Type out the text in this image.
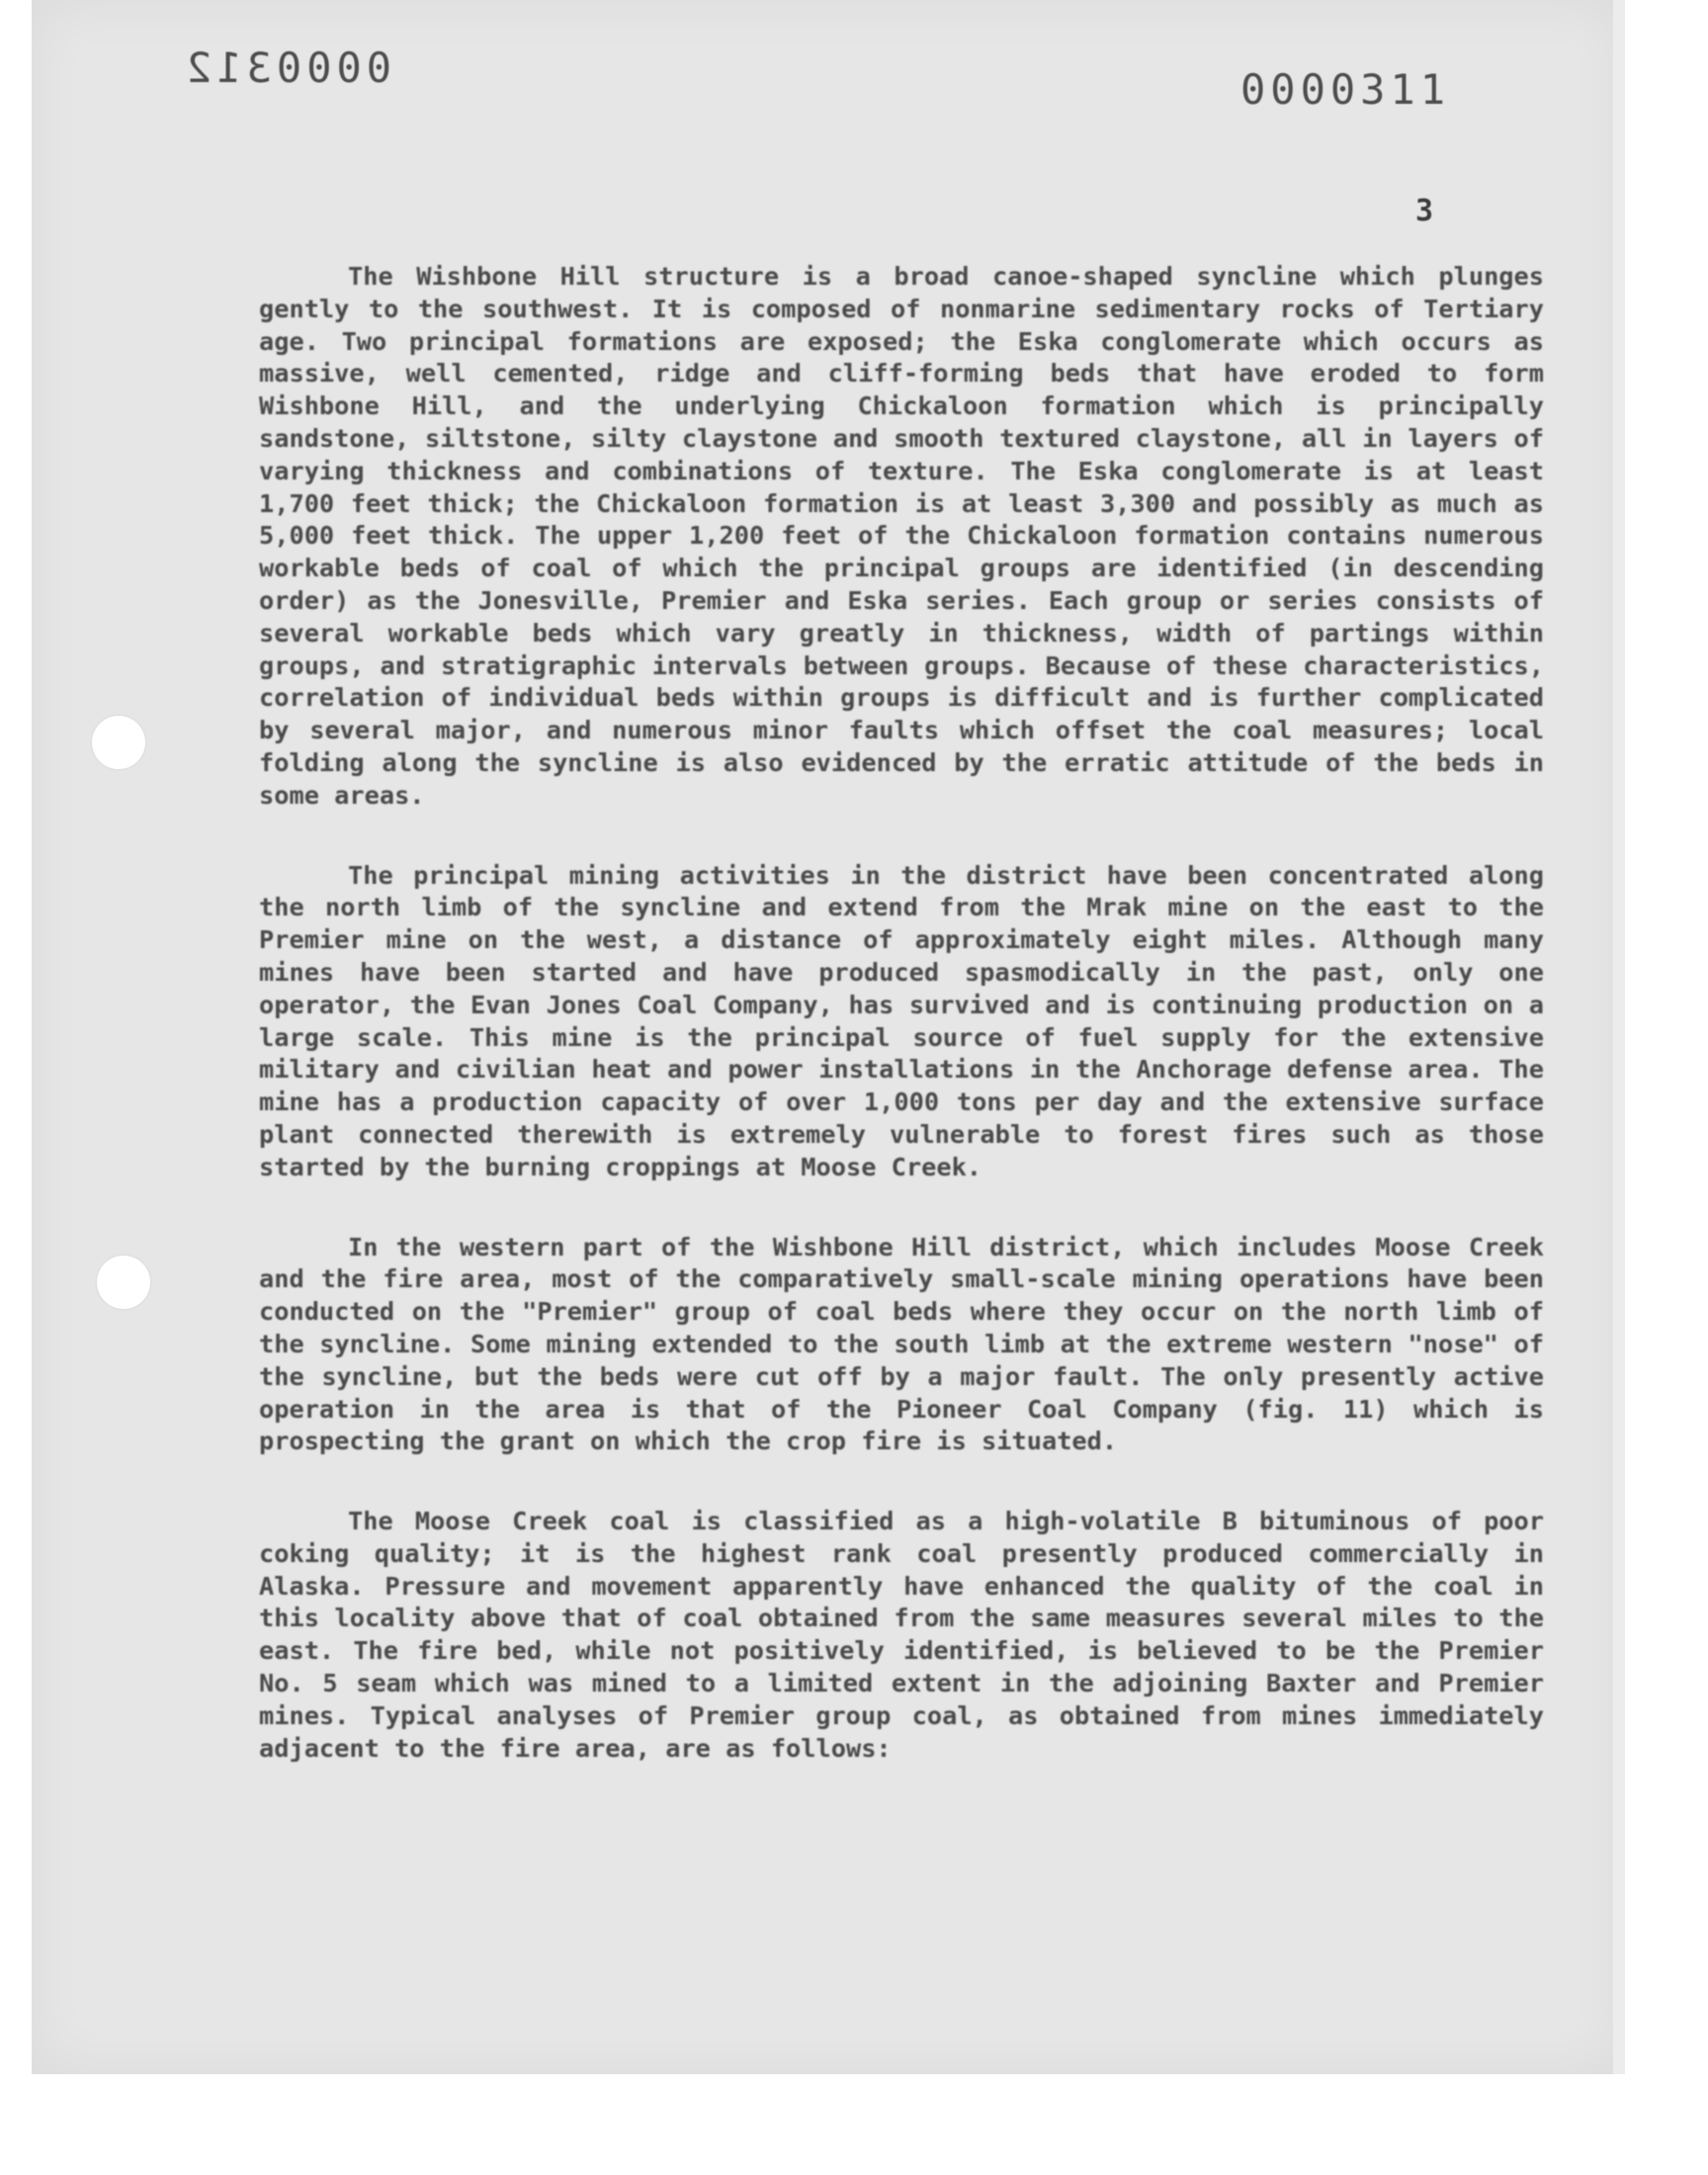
0000312	0000311
3

The Wishbone Hill structure is a broad canoe-shaped syncline which plunges gently to the southwest. It is composed of nonmarine sedimentary rocks of Tertiary age. Two principal formations are exposed; the Eska conglomerate which occurs as massive, well cemented, ridge and cliff-forming beds that have eroded to form Wishbone Hill, and the underlying Chickaloon formation which is principally sandstone, siltstone, silty claystone and smooth textured claystone, all in layers of varying thickness and combinations of texture. The Eska conglomerate is at least 1,700 feet thick; the Chickaloon formation is at least 3,300 and possibly as much as 5,000 feet thick. The upper 1,200 feet of the Chickaloon formation contains numerous workable beds of coal of which the principal groups are identified (in descending order) as the Jonesville, Premier and Eska series. Each group or series consists of several workable beds which vary greatly in thickness, width of partings within groups, and stratigraphic intervals between groups. Because of these characteristics, correlation of individual beds within groups is difficult and is further complicated by several major, and numerous minor faults which offset the coal measures; local folding along the syncline is also evidenced by the erratic attitude of the beds in some areas.

The principal mining activities in the district have been concentrated along the north limb of the syncline and extend from the Mrak mine on the east to the Premier mine on the west, a distance of approximately eight miles. Although many mines have been started and have produced spasmodically in the past, only one operator, the Evan Jones Coal Company, has survived and is continuing production on a large scale. This mine is the principal source of fuel supply for the extensive military and civilian heat and power installations in the Anchorage defense area. The mine has a production capacity of over 1,000 tons per day and the extensive surface plant connected therewith is extremely vulnerable to forest fires such as those started by the burning croppings at Moose Creek.

In the western part of the Wishbone Hill district, which includes Moose Creek and the fire area, most of the comparatively small-scale mining operations have been conducted on the "Premier" group of coal beds where they occur on the north limb of the syncline. Some mining extended to the south limb at the extreme western "nose" of the syncline, but the beds were cut off by a major fault. The only presently active operation in the area is that of the Pioneer Coal Company (fig. 11) which is prospecting the grant on which the crop fire is situated.

The Moose Creek coal is classified as a high-volatile B bituminous of poor coking quality; it is the highest rank coal presently produced commercially in Alaska. Pressure and movement apparently have enhanced the quality of the coal in this locality above that of coal obtained from the same measures several miles to the east. The fire bed, while not positively identified, is believed to be the Premier No. 5 seam which was mined to a limited extent in the adjoining Baxter and Premier mines. Typical analyses of Premier group coal, as obtained from mines immediately adjacent to the fire area, are as follows:
